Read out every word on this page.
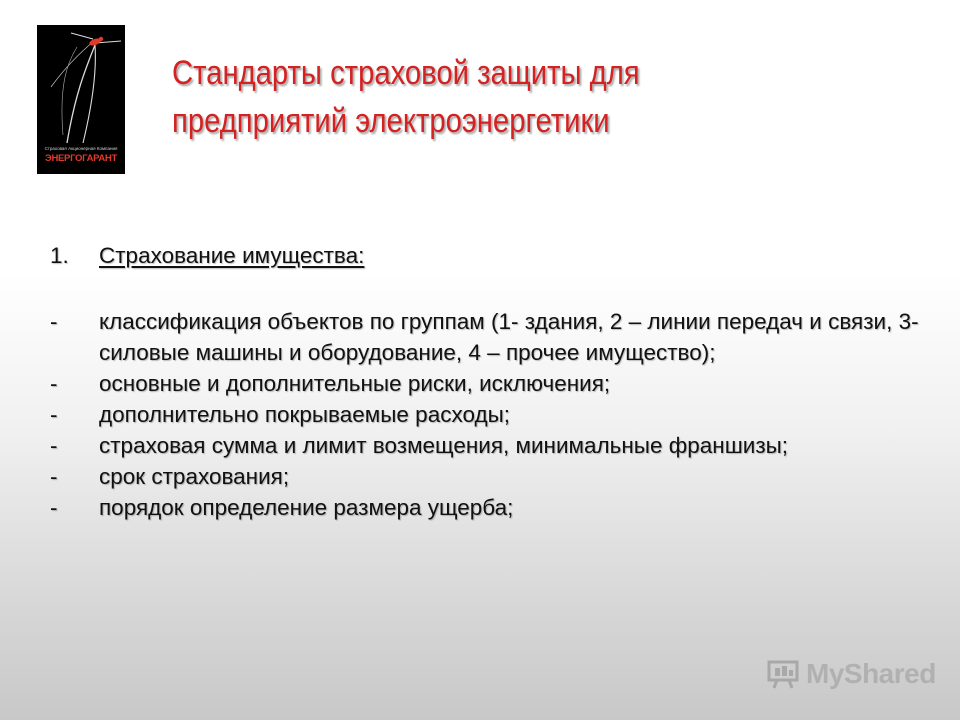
Страховая Акционерная Компания
ЭНЕРГОГАРАНТ
Стандарты страховой защиты для
предприятий электроэнергетики
1.	Страхование имущества:
-	классификация объектов по группам (1- здания, 2 – линии передач и связи, 3-силовые машины и оборудование, 4 – прочее имущество);
-	основные и дополнительные риски, исключения;
-	дополнительно покрываемые расходы;
-	страховая сумма и лимит возмещения, минимальные франшизы;
-	срок страхования;
-	порядок определение размера ущерба;
MyShared
